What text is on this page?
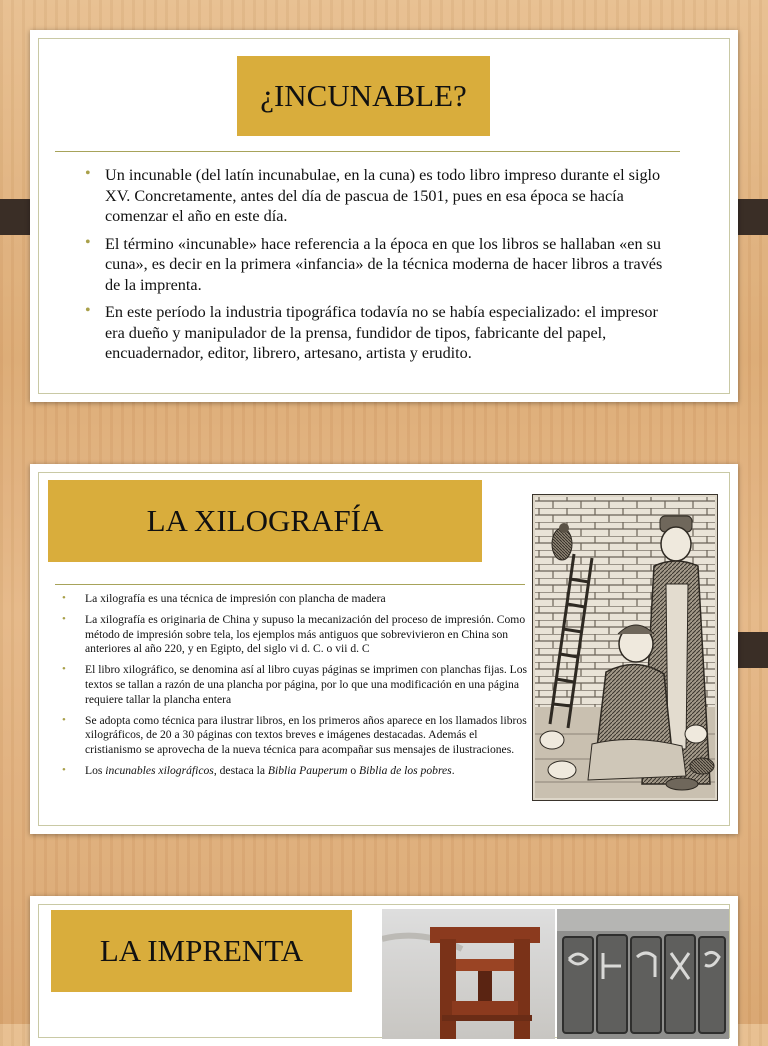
¿INCUNABLE?
• Un incunable (del latín incunabulae, en la cuna) es todo libro impreso durante el siglo XV. Concretamente, antes del día de pascua de 1501, pues en esa época se hacía comenzar el año en este día.
• El término «incunable» hace referencia a la época en que los libros se hallaban «en su cuna», es decir en la primera «infancia» de la técnica moderna de hacer libros a través de la imprenta.
• En este período la industria tipográfica todavía no se había especializado: el impresor era dueño y manipulador de la prensa, fundidor de tipos, fabricante del papel, encuadernador, editor, librero, artesano, artista y erudito.
LA XILOGRAFÍA
• La xilografía es una técnica de impresión con plancha de madera
• La xilografía es originaria de China y supuso la mecanización del proceso de impresión. Como método de impresión sobre tela, los ejemplos más antiguos que sobrevivieron en China son anteriores al año 220, y en Egipto, del siglo vi d. C. o vii d. C
• El libro xilográfico, se denomina así al libro cuyas páginas se imprimen con planchas fijas. Los textos se tallan a razón de una plancha por página, por lo que una modificación en una página requiere tallar la plancha entera
• Se adopta como técnica para ilustrar libros, en los primeros años aparece en los llamados libros xilográficos, de 20 a 30 páginas con textos breves e imágenes destacadas. Además el cristianismo se aprovecha de la nueva técnica para acompañar sus mensajes de ilustraciones.
• Los incunables xilográficos, destaca la Biblia Pauperum o Biblia de los pobres.
LA IMPRENTA
